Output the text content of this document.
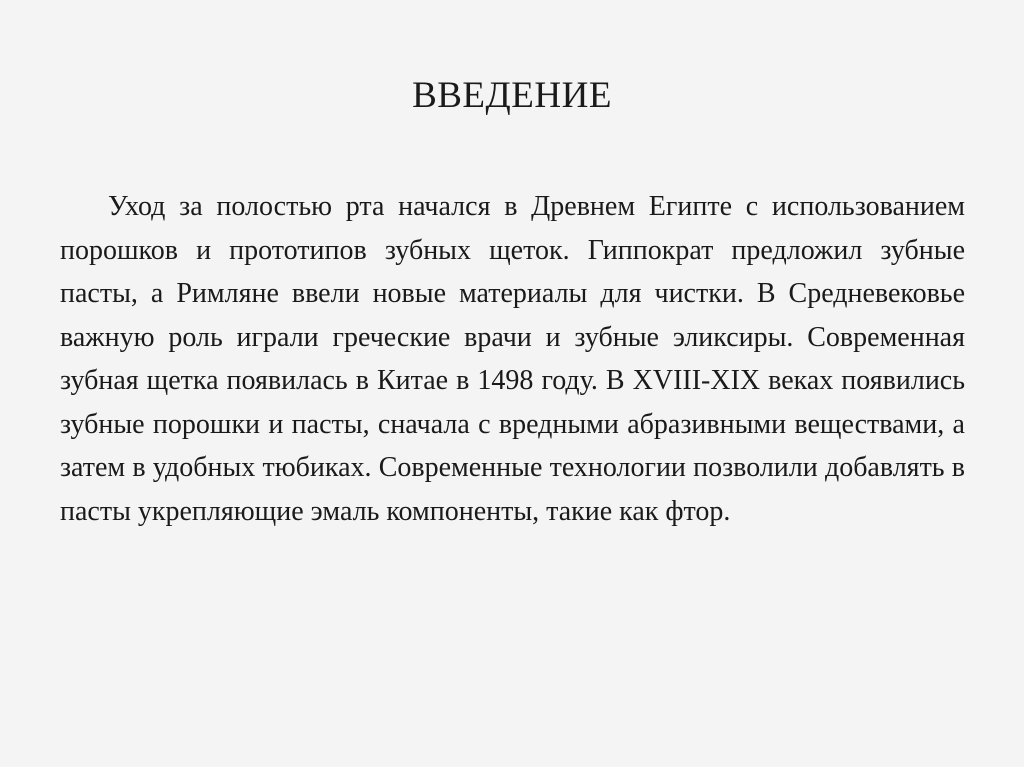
ВВЕДЕНИЕ

Уход за полостью рта начался в Древнем Египте с использованием порошков и прототипов зубных щеток. Гиппократ предложил зубные пасты, а Римляне ввели новые материалы для чистки. В Средневековье важную роль играли греческие врачи и зубные эликсиры. Современная зубная щетка появилась в Китае в 1498 году. В XVIII-XIX веках появились зубные порошки и пасты, сначала с вредными абразивными веществами, а затем в удобных тюбиках. Современные технологии позволили добавлять в пасты укрепляющие эмаль компоненты, такие как фтор.
